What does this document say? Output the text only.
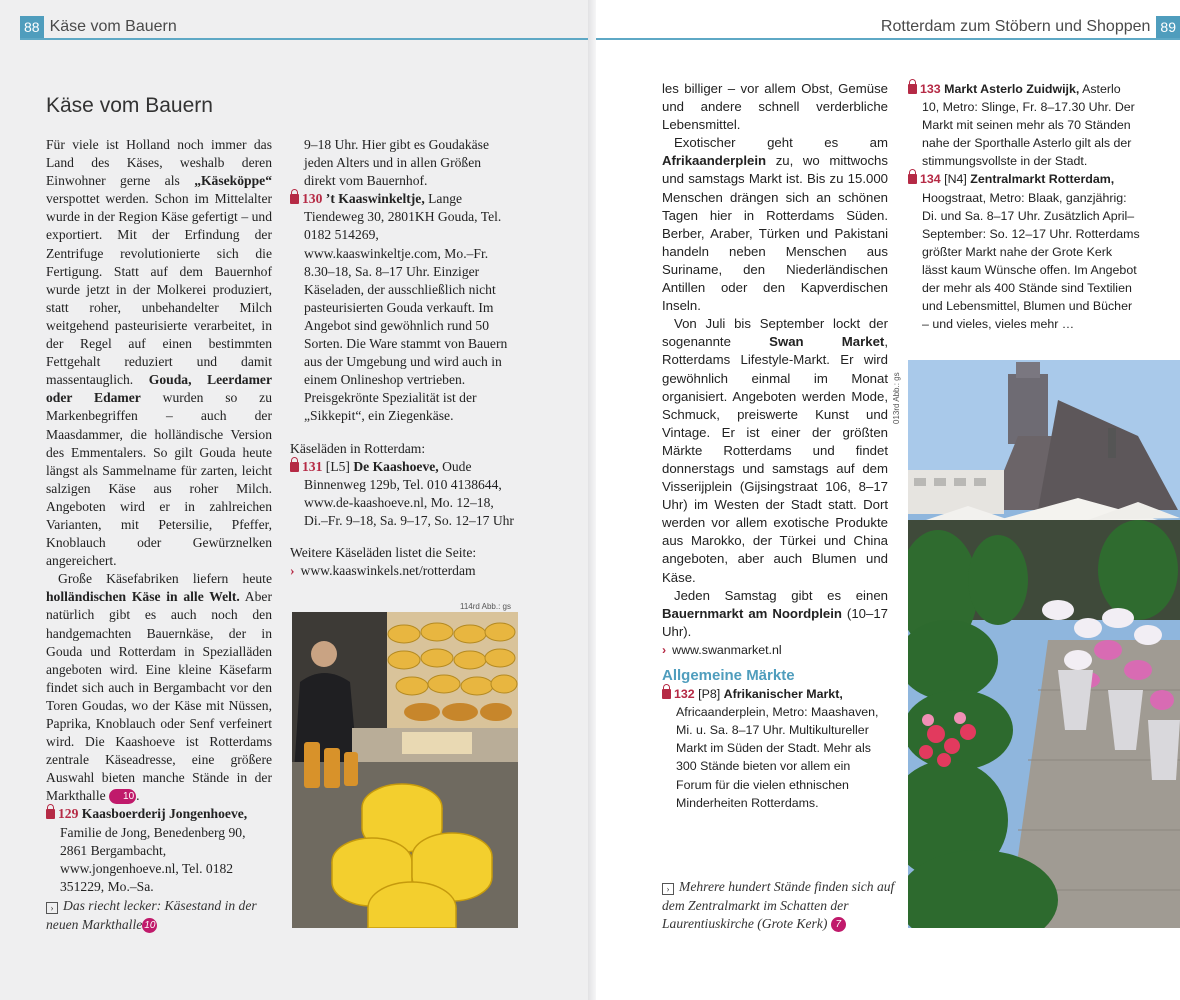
88 Käse vom Bauern
Käse vom Bauern

Für viele ist Holland noch immer das Land des Käses, weshalb deren Einwohner gerne als „Käseköppe“ verspottet werden. Schon im Mittelalter wurde in der Region Käse gefertigt – und exportiert. Mit der Erfindung der Zentrifuge revolutionierte sich die Fertigung. Statt auf dem Bauernhof wurde jetzt in der Molkerei produziert, statt roher, unbehandelter Milch weitgehend pasteurisierte verarbeitet, in der Regel auf einen bestimmten Fettgehalt reduziert und damit massentauglich. Gouda, Leerdamer oder Edamer wurden so zu Markenbegriffen – auch der Maasdammer, die holländische Version des Emmentalers. So gilt Gouda heute längst als Sammelname für zarten, leicht salzigen Käse aus roher Milch. Angeboten wird er in zahlreichen Varianten, mit Petersilie, Pfeffer, Knoblauch oder Gewürznelken angereichert.

Große Käsefabriken liefern heute holländischen Käse in alle Welt. Aber natürlich gibt es auch noch den handgemachten Bauernkäse, der in Gouda und Rotterdam in Spezialläden angeboten wird. Eine kleine Käsefarm findet sich auch in Bergambacht vor den Toren Goudas, wo der Käse mit Nüssen, Paprika, Knoblauch oder Senf verfeinert wird. Die Kaashoeve ist Rotterdams zentrale Käseadresse, eine größere Auswahl bieten manche Stände in der Markthalle 10 .

129 Kaasboerderij Jongenhoeve, Familie de Jong, Benedenberg 90, 2861 Bergambacht, www.jongenhoeve.nl, Tel. 0182 351229, Mo.–Sa.
9–18 Uhr. Hier gibt es Goudakäse jeden Alters und in allen Größen direkt vom Bauernhof.
130 ’t Kaaswinkeltje, Lange Tiendeweg 30, 2801KH Gouda, Tel. 0182 514269, www.kaaswinkeltje.com, Mo.–Fr. 8.30–18, Sa. 8–17 Uhr. Einziger Käseladen, der ausschließlich nicht pasteurisierten Gouda verkauft. Im Angebot sind gewöhnlich rund 50 Sorten. Die Ware stammt von Bauern aus der Umgebung und wird auch in einem Onlineshop vertrieben. Preisgekrönte Spezialität ist der „Sikkepit“, ein Ziegenkäse.
Käseläden in Rotterdam:
131 [L5] De Kaashoeve, Oude Binnenweg 129b, Tel. 010 4138644, www.de-kaashoeve.nl, Mo. 12–18, Di.–Fr. 9–18, Sa. 9–17, So. 12–17 Uhr
Weitere Käseläden listet die Seite:
› www.kaaswinkels.net/rotterdam
114rd Abb.: gs
› Das riecht lecker: Käsestand in der neuen Markthalle 10
Rotterdam zum Stöbern und Shoppen 89

les billiger – vor allem Obst, Gemüse und andere schnell verderbliche Lebensmittel.

Exotischer geht es am Afrikaanderplein zu, wo mittwochs und samstags Markt ist. Bis zu 15.000 Menschen drängen sich an schönen Tagen hier in Rotterdams Süden. Berber, Araber, Türken und Pakistani handeln neben Menschen aus Suriname, den Niederländischen Antillen oder den Kapverdischen Inseln.

Von Juli bis September lockt der sogenannte Swan Market, Rotterdams Lifestyle-Markt. Er wird gewöhnlich einmal im Monat organisiert. Angeboten werden Mode, Schmuck, preiswerte Kunst und Vintage. Er ist einer der größten Märkte Rotterdams und findet donnerstags und samstags auf dem Visserijplein (Gijsingstraat 106, 8–17 Uhr) im Westen der Stadt statt. Dort werden vor allem exotische Produkte aus Marokko, der Türkei und China angeboten, aber auch Blumen und Käse.

Jeden Samstag gibt es einen Bauernmarkt am Noordplein (10–17 Uhr).

› www.swanmarket.nl
Allgemeine Märkte
132 [P8] Afrikanischer Markt, Africaanderplein, Metro: Maashaven, Mi. u. Sa. 8–17 Uhr. Multikultureller Markt im Süden der Stadt. Mehr als 300 Stände bieten vor allem ein Forum für die vielen ethnischen Minderheiten Rotterdams.
133 Markt Asterlo Zuidwijk, Asterlo 10, Metro: Slinge, Fr. 8–17.30 Uhr. Der Markt mit seinen mehr als 70 Ständen nahe der Sporthalle Asterlo gilt als der stimmungsvollste in der Stadt.
134 [N4] Zentralmarkt Rotterdam, Hoogstraat, Metro: Blaak, ganzjährig: Di. und Sa. 8–17 Uhr. Zusätzlich April–September: So. 12–17 Uhr. Rotterdams größter Markt nahe der Grote Kerk lässt kaum Wünsche offen. Im Angebot der mehr als 400 Stände sind Textilien und Lebensmittel, Blumen und Bücher – und vieles, vieles mehr …
013rd Abb.: gs
› Mehrere hundert Stände finden sich auf dem Zentralmarkt im Schatten der Laurentiuskirche (Grote Kerk) 7
